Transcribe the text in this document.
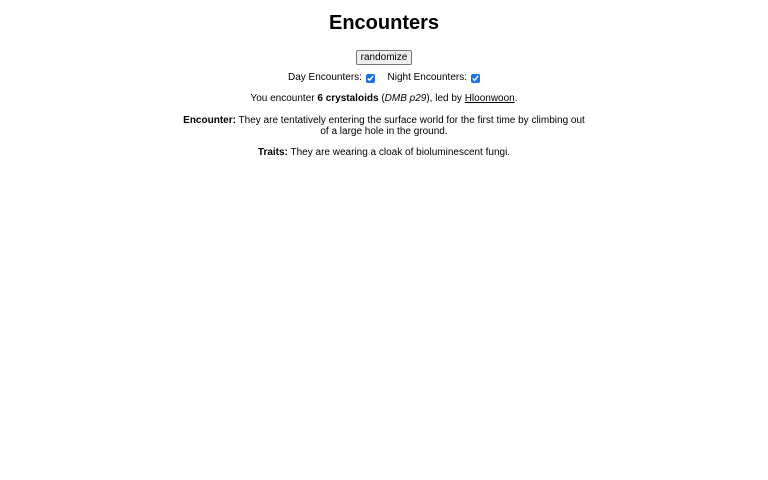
Encounters
randomize
Day Encounters:
	Night Encounters:
You encounter 6 crystaloids (DMB p29), led by Hloonwoon.
Encounter: They are tentatively entering the surface world for the first time by climbing out of a large hole in the ground.
Traits: They are wearing a cloak of bioluminescent fungi.
